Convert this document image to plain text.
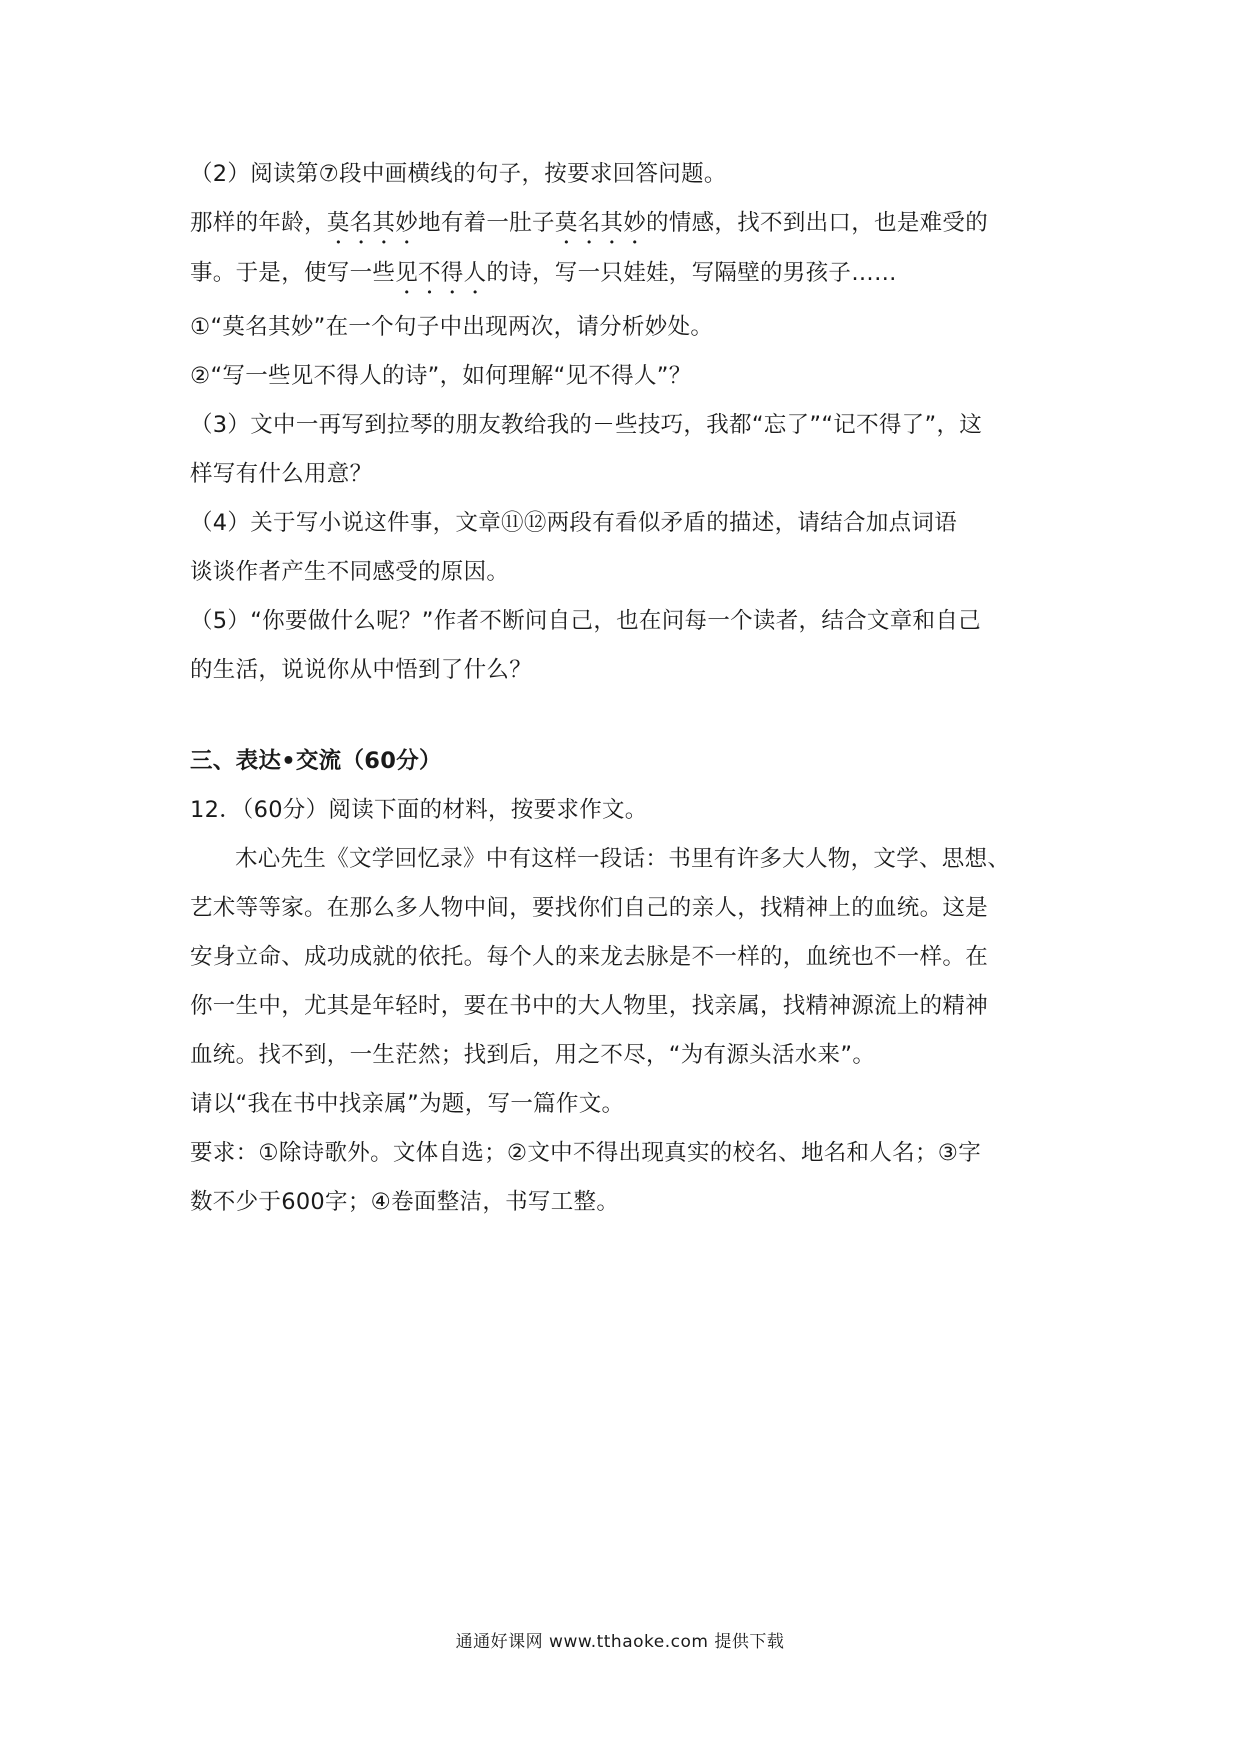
（2）阅读第⑦段中画横线的句子，按要求回答问题。
那样的年龄，莫名其妙地有着一肚子莫名其妙的情感，找不到出口，也是难受的
事。于是，使写一些见不得人的诗，写一只娃娃，写隔壁的男孩子……
①“莫名其妙”在一个句子中出现两次，请分析妙处。
②“写一些见不得人的诗”，如何理解“见不得人”？
（3）文中一再写到拉琴的朋友教给我的－些技巧，我都“忘了”“记不得了”，这
样写有什么用意？
（4）关于写小说这件事，文章⑪⑫两段有看似矛盾的描述，请结合加点词语
谈谈作者产生不同感受的原因。
（5）“你要做什么呢？”作者不断问自己，也在问每一个读者，结合文章和自己
的生活，说说你从中悟到了什么？
三、表达•交流（60分）
12．（60分）阅读下面的材料，按要求作文。
木心先生《文学回忆录》中有这样一段话：书里有许多大人物，文学、思想、
艺术等等家。在那么多人物中间，要找你们自己的亲人，找精神上的血统。这是
安身立命、成功成就的依托。每个人的来龙去脉是不一样的，血统也不一样。在
你一生中，尤其是年轻时，要在书中的大人物里，找亲属，找精神源流上的精神
血统。找不到，一生茫然；找到后，用之不尽，“为有源头活水来”。
请以“我在书中找亲属”为题，写一篇作文。
要求：①除诗歌外。文体自选；②文中不得出现真实的校名、地名和人名；③字
数不少于600字；④卷面整洁，书写工整。
通通好课网 www.tthaoke.com 提供下载
